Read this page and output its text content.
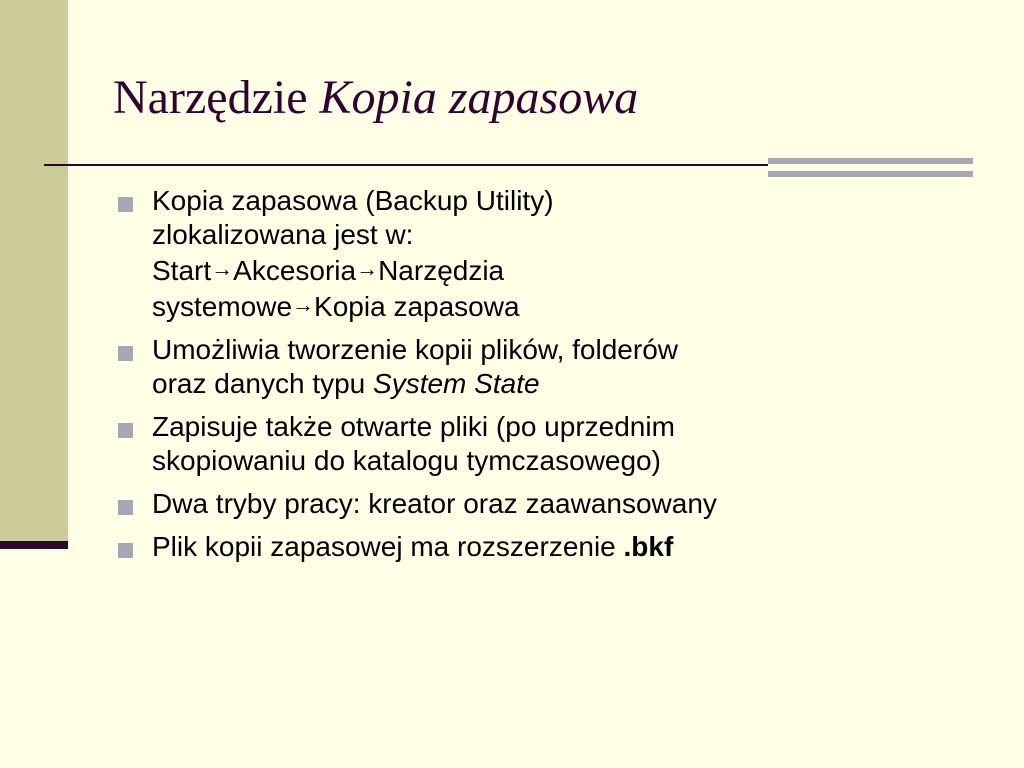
Narzędzie Kopia zapasowa
Kopia zapasowa (Backup Utility)
zlokalizowana jest w:
Start→Akcesoria→Narzędzia
systemowe→Kopia zapasowa
Umożliwia tworzenie kopii plików, folderów
oraz danych typu System State
Zapisuje także otwarte pliki (po uprzednim
skopiowaniu do katalogu tymczasowego)
Dwa tryby pracy: kreator oraz zaawansowany
Plik kopii zapasowej ma rozszerzenie .bkf
